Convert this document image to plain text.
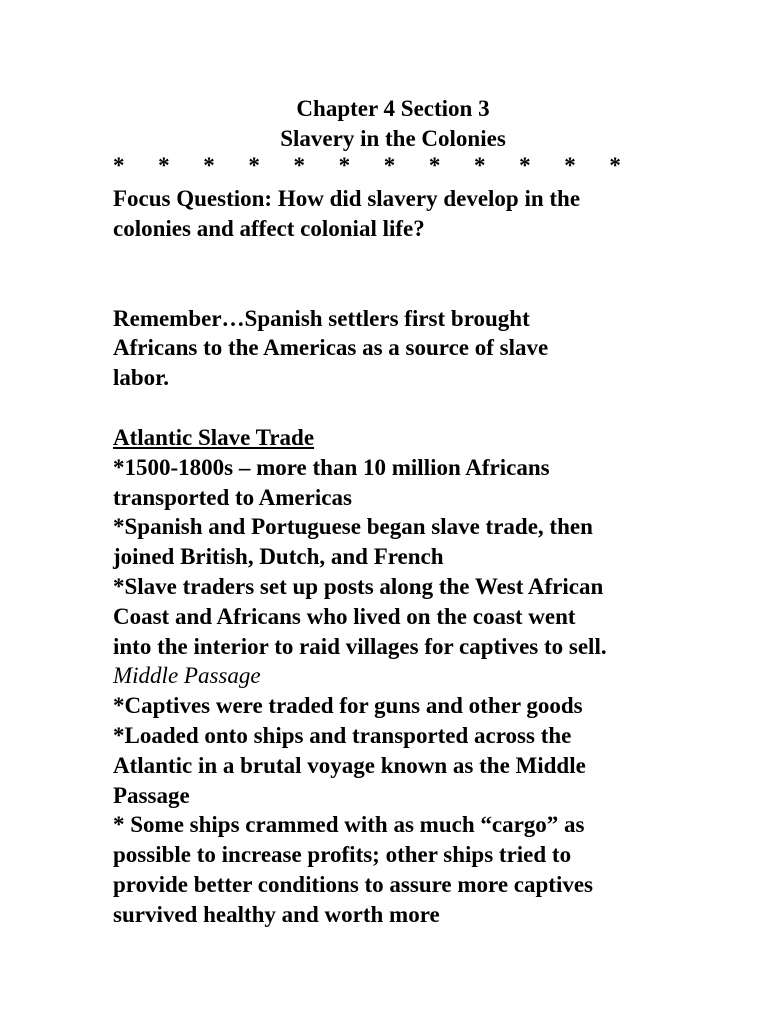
Chapter 4 Section 3
Slavery in the Colonies
* * * * * * * * * * * *
Focus Question: How did slavery develop in the
colonies and affect colonial life?
Remember…Spanish settlers first brought
Africans to the Americas as a source of slave
labor.
Atlantic Slave Trade
*1500-1800s – more than 10 million Africans
transported to Americas
*Spanish and Portuguese began slave trade, then
joined British, Dutch, and French
*Slave traders set up posts along the West African
Coast and Africans who lived on the coast went
into the interior to raid villages for captives to sell.
Middle Passage
*Captives were traded for guns and other goods
*Loaded onto ships and transported across the
Atlantic in a brutal voyage known as the Middle
Passage
* Some ships crammed with as much “cargo” as
possible to increase profits; other ships tried to
provide better conditions to assure more captives
survived healthy and worth more
